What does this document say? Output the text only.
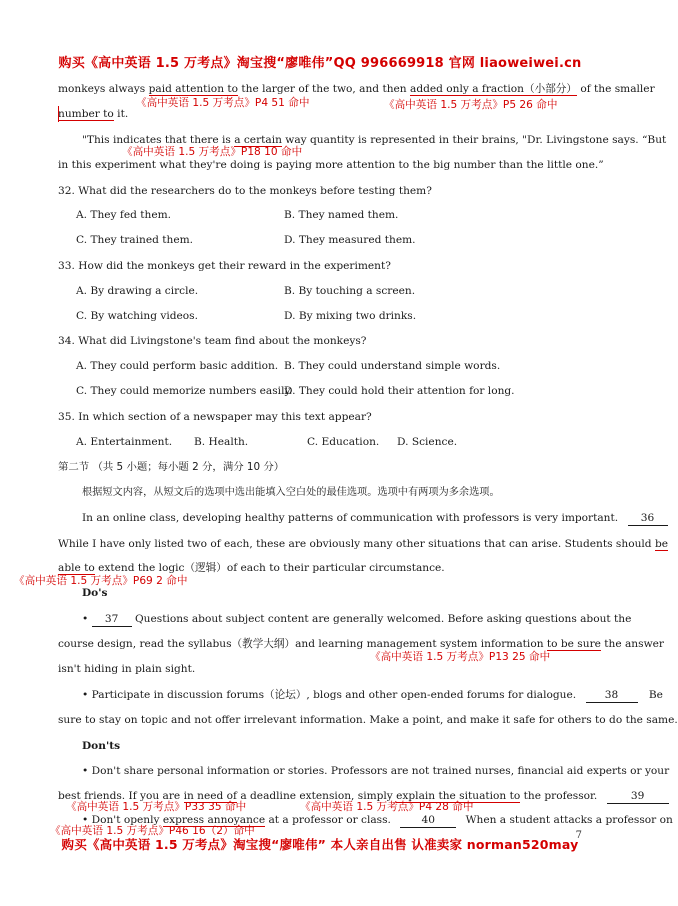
购买《高中英语 1.5 万考点》淘宝搜“廖唯伟”QQ 996669918 官网 liaoweiwei.cn
monkeys always paid attention to the larger of the two, and then added only a fraction（小部分） of the smaller
《高中英语 1.5 万考点》P4 51 命中	《高中英语 1.5 万考点》P5 26 命中
number to it.
"This indicates that there is a certain way quantity is represented in their brains, "Dr. Livingstone says. “But
《高中英语 1.5 万考点》P18 10 命中
in this experiment what they're doing is paying more attention to the big number than the little one.”
32. What did the researchers do to the monkeys before testing them?
A. They fed them.	B. They named them.
C. They trained them.	D. They measured them.
33. How did the monkeys get their reward in the experiment?
A. By drawing a circle.	B. By touching a screen.
C. By watching videos.	D. By mixing two drinks.
34. What did Livingstone's team find about the monkeys?
A. They could perform basic addition. B. They could understand simple words.
C. They could memorize numbers easily.
D. They could hold their attention for long.
35. In which section of a newspaper may this text appear?
A. Entertainment. B. Health.	C. Education. D. Science.
第二节 （共 5 小题；每小题 2 分，满分 10 分）
根据短文内容，从短文后的选项中选出能填入空白处的最佳选项。选项中有两项为多余选项。
In an online class, developing healthy patterns of communication with professors is very important. 36
While I have only listed two of each, these are obviously many other situations that can arise. Students should be
able to extend the logic（逻辑）of each to their particular circumstance.
《高中英语 1.5 万考点》P69 2 命中
Do's
• 37 Questions about subject content are generally welcomed. Before asking questions about the
course design, read the syllabus（教学大纲）and learning management system information to be sure the answer
《高中英语 1.5 万考点》P13 25 命中
isn't hiding in plain sight.
• Participate in discussion forums（论坛）, blogs and other open-ended forums for dialogue.	38	Be
sure to stay on topic and not offer irrelevant information. Make a point, and make it safe for others to do the same.
Don'ts
• Don't share personal information or stories. Professors are not trained nurses, financial aid experts or your
best friends. If you are in need of a deadline extension, simply explain the situation to the professor.	39
《高中英语 1.5 万考点》P33 35 命中	《高中英语 1.5 万考点》P4 28 命中
• Don't openly express annoyance at a professor or class.	40	When a student attacks a professor on
《高中英语 1.5 万考点》P46 16（2）命中	7
购买《高中英语 1.5 万考点》淘宝搜“廖唯伟” 本人亲自出售 认准卖家 norman520may
